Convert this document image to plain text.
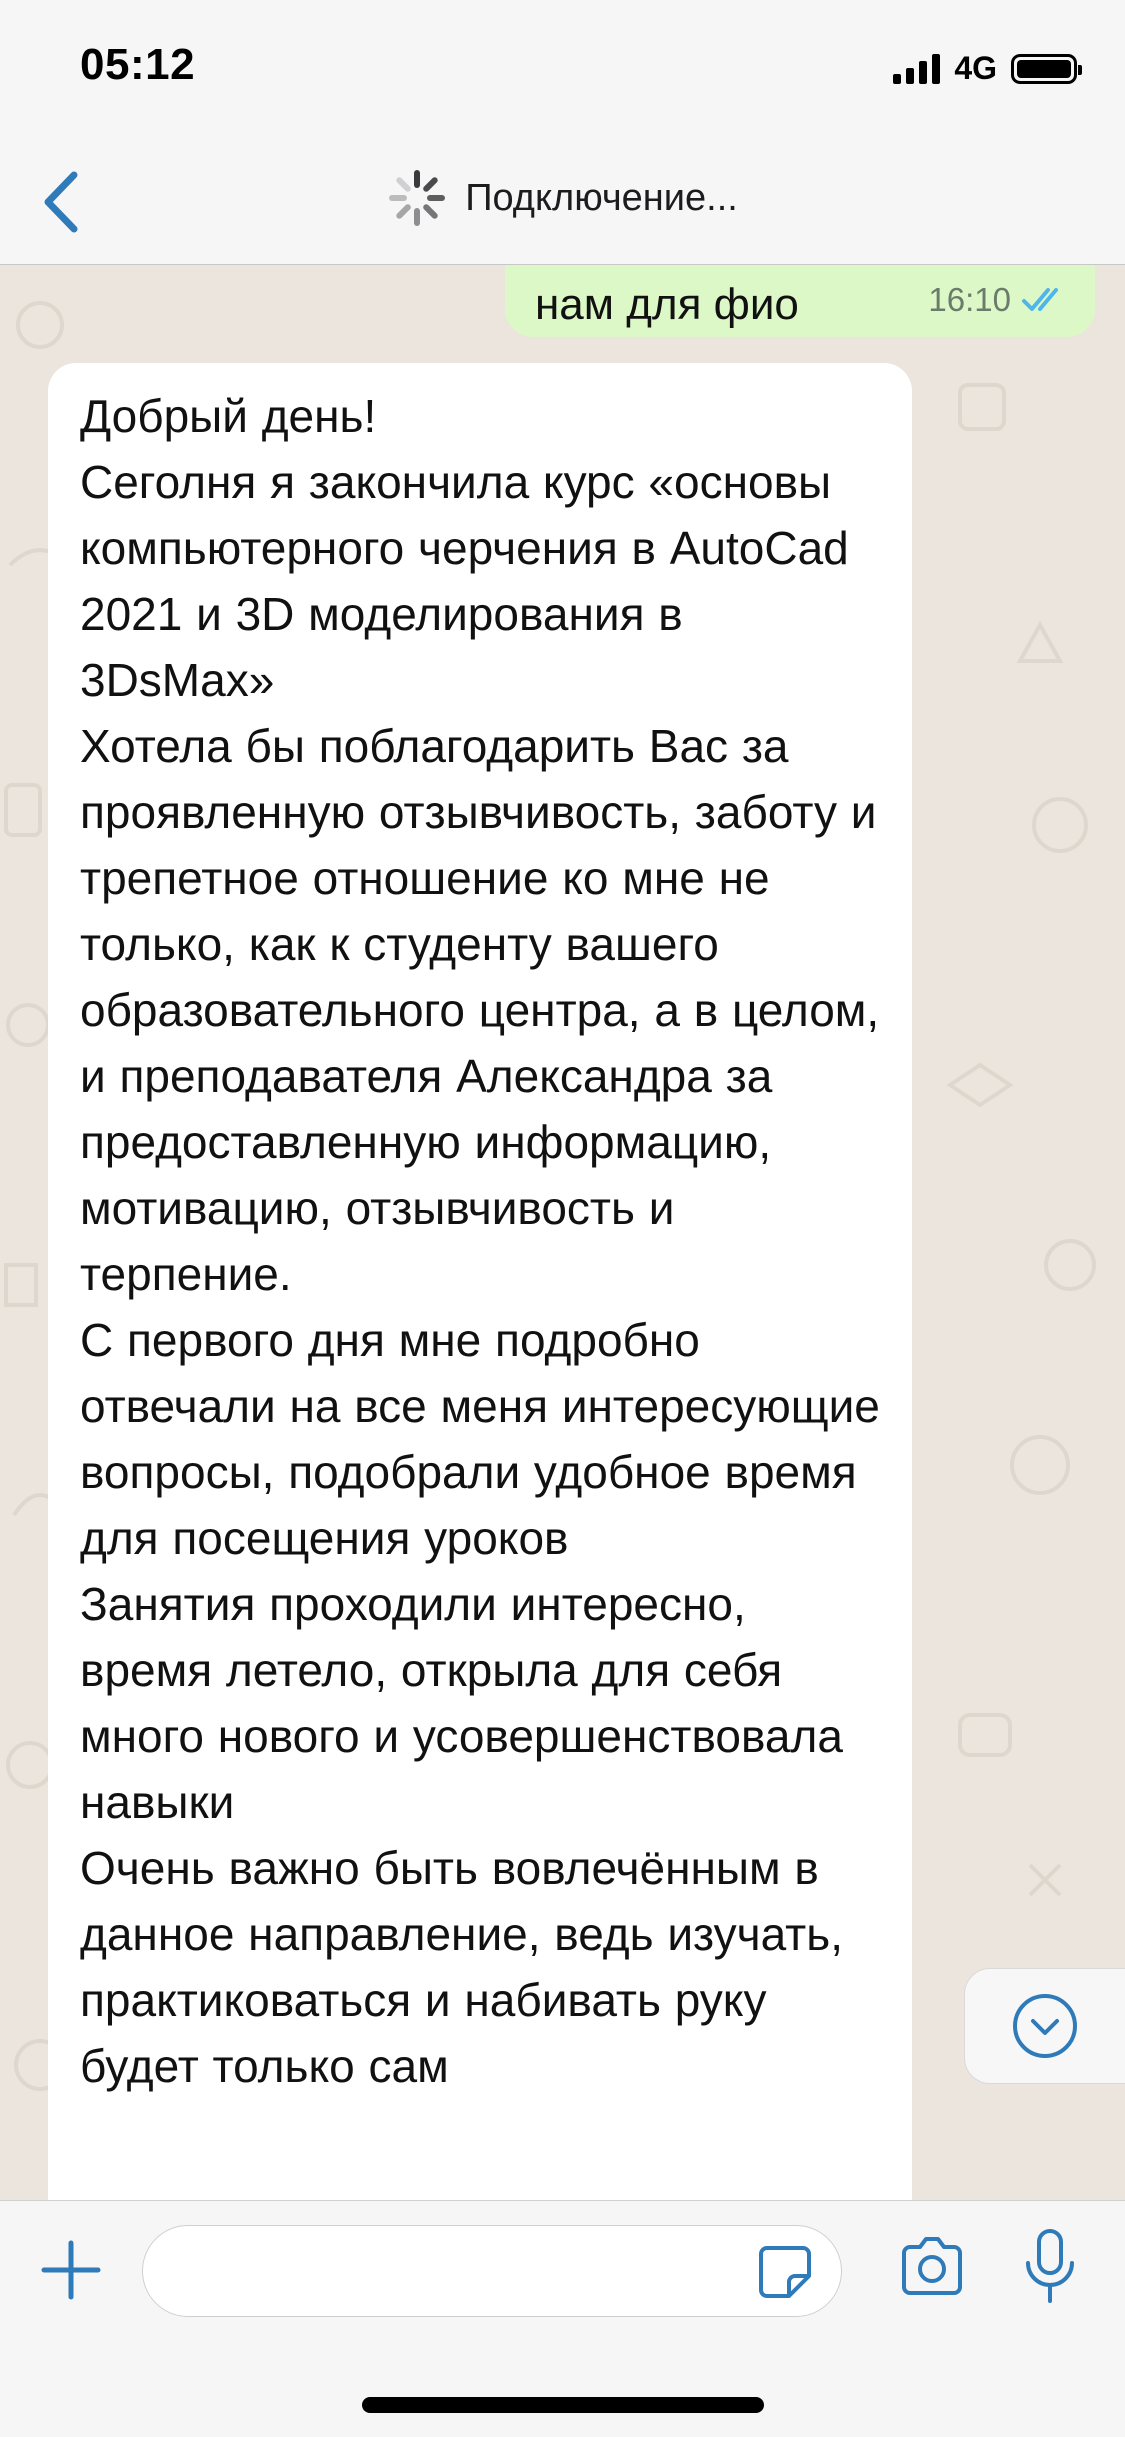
05:12	4G
Подключение...
нам для фио	16:10

Добрый день!
Сеголня я закончила курс «основы компьютерного черчения в AutoCad 2021 и 3D моделирования в 3DsMax»
Хотела бы поблагодарить Вас за проявленную отзывчивость, заботу и трепетное отношение ко мне не только, как к студенту вашего образовательного центра, а в целом, и преподавателя Александра за предоставленную информацию, мотивацию, отзывчивость и терпение.
С первого дня мне подробно отвечали на все меня интересующие вопросы, подобрали удобное время для посещения уроков
Занятия проходили интересно, время летело, открыла для себя много нового и усовершенствовала навыки
Очень важно быть вовлечённым в данное направление, ведь изучать, практиковаться и набивать руку будет только сам
